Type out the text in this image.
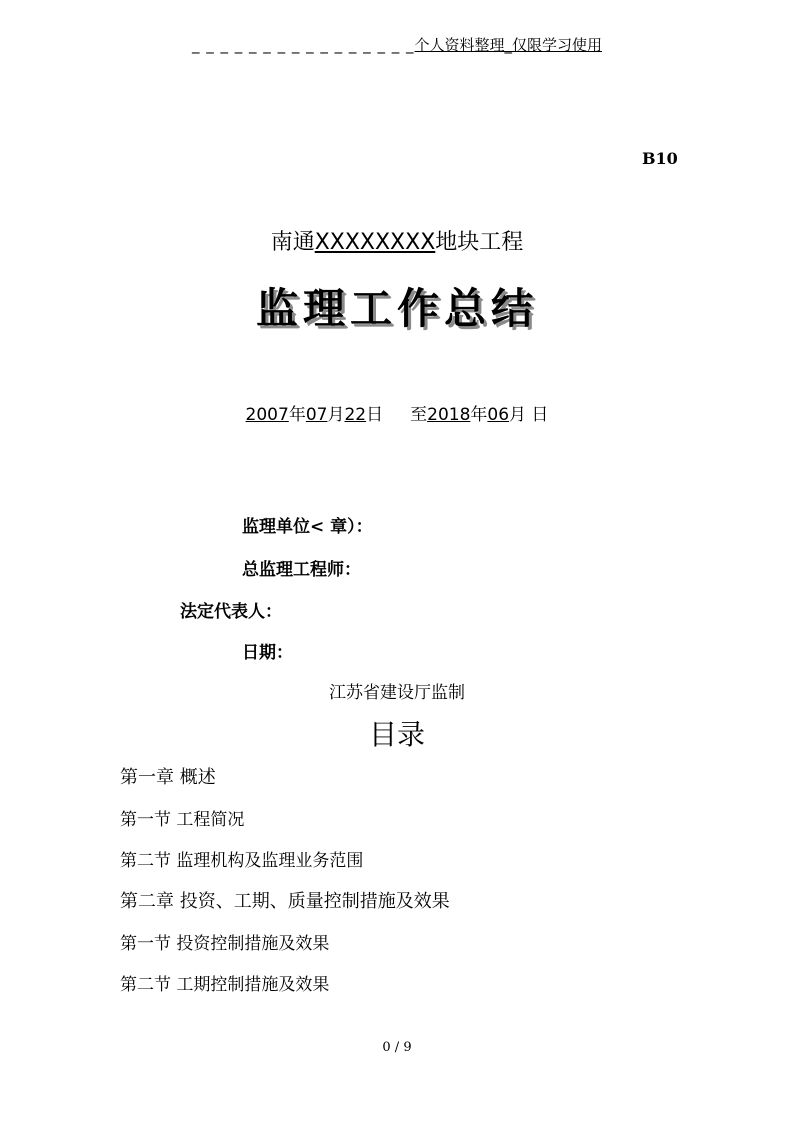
_ _ _ _ _ _ _ _ _ _ _ _ _ _ _ _个人资料整理_仅限学习使用
B10
南通XXXXXXXX地块工程
监理工作总结
2007年07月22日 至2018年06月 日
监理单位< 章）：
总监理工程师：
法定代表人：
日期：
江苏省建设厅监制
目录
第一章 概述
第一节 工程简况
第二节 监理机构及监理业务范围
第二章 投资、工期、质量控制措施及效果
第一节 投资控制措施及效果
第二节 工期控制措施及效果
0 / 9
